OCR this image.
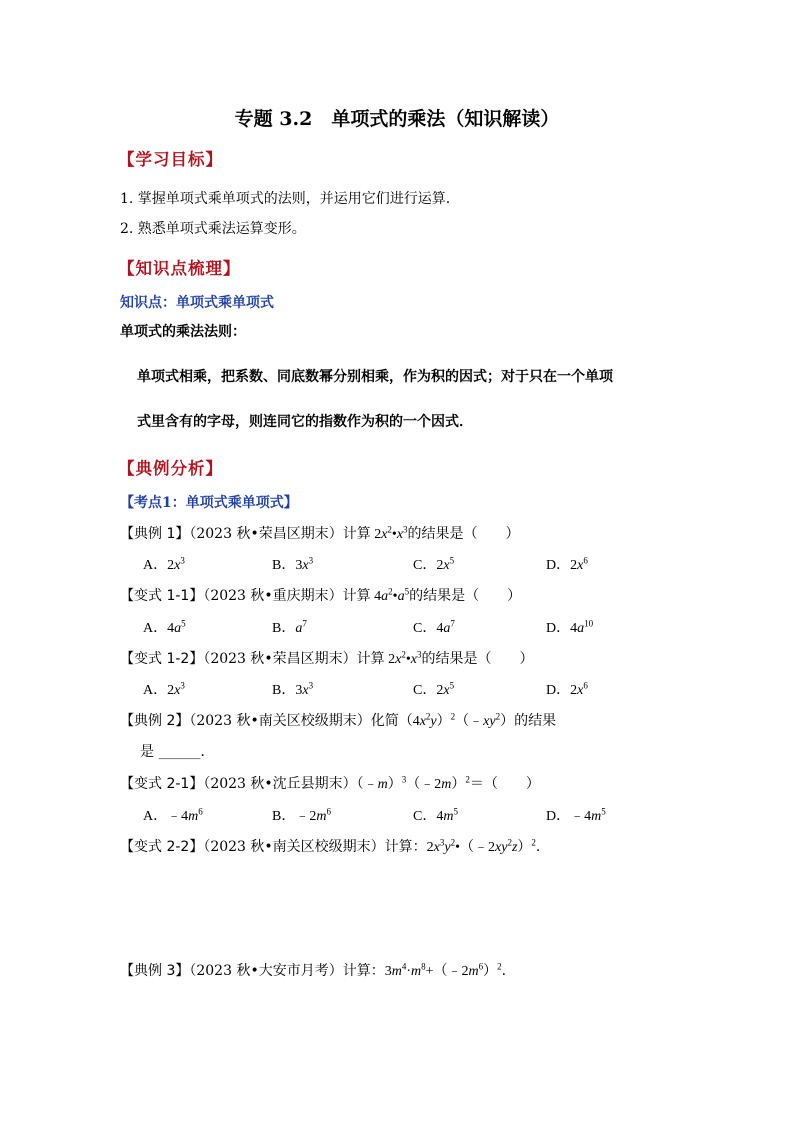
专题 3.2　单项式的乘法（知识解读）
【学习目标】
1. 掌握单项式乘单项式的法则，并运用它们进行运算.
2. 熟悉单项式乘法运算变形。
【知识点梳理】
知识点：单项式乘单项式
单项式的乘法法则：
单项式相乘，把系数、同底数幂分别相乘，作为积的因式；对于只在一个单项
式里含有的字母，则连同它的指数作为积的一个因式．
【典例分析】
【考点1：单项式乘单项式】
【典例 1】（2023 秋•荣昌区期末）计算 $2x^2•x^3$的结果是（　　）
A．$2x^3$	B．$3x^3$	C．$2x^5$	D．$2x^6$
【变式 1-1】（2023 秋•重庆期末）计算 $4a^2•a^5$的结果是（　　）
A．$4a^5$	B．$a^7$	C．$4a^7$	D．$4a^{10}$
【变式 1-2】（2023 秋•荣昌区期末）计算 $2x^2•x^3$的结果是（　　）
A．$2x^3$	B．$3x^3$	C．$2x^5$	D．$2x^6$
【典例 2】（2023 秋•南关区校级期末）化简$(4x^2y)^2(﹣xy^2)$的结果
是 ______．
【变式 2-1】（2023 秋•沈丘县期末）（﹣m）$^3$（﹣2m）$^2$＝（　　）
A．$﹣4m^6$	B．$﹣2m^6$	C．$4m^5$	D．$﹣4m^5$
【变式 2-2】（2023 秋•南关区校级期末）计算：$2x^3y^2•(﹣2xy^2z)^2$.
【典例 3】（2023 秋•大安市月考）计算：$3m^4\cdot m^8+(﹣2m^6)^2$.
